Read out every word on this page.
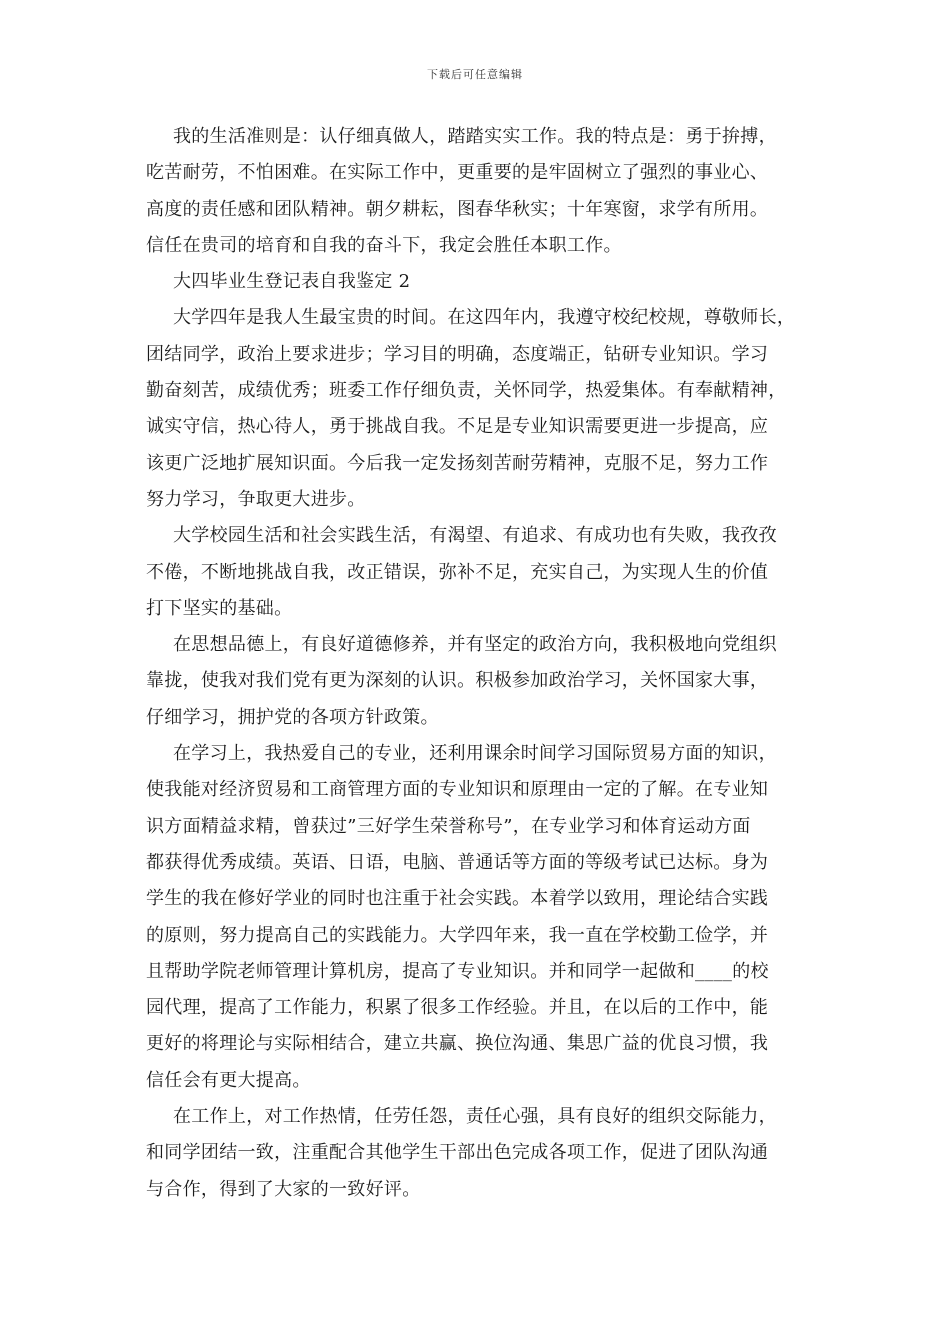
下载后可任意编辑
我的生活准则是：认仔细真做人，踏踏实实工作。我的特点是：勇于拚搏，
吃苦耐劳，不怕困难。在实际工作中，更重要的是牢固树立了强烈的事业心、
高度的责任感和团队精神。朝夕耕耘，图春华秋实；十年寒窗，求学有所用。
信任在贵司的培育和自我的奋斗下，我定会胜任本职工作。
大四毕业生登记表自我鉴定 2
大学四年是我人生最宝贵的时间。在这四年内，我遵守校纪校规，尊敬师长，
团结同学，政治上要求进步；学习目的明确，态度端正，钻研专业知识。学习
勤奋刻苦，成绩优秀；班委工作仔细负责，关怀同学，热爱集体。有奉献精神，
诚实守信，热心待人，勇于挑战自我。不足是专业知识需要更进一步提高，应
该更广泛地扩展知识面。今后我一定发扬刻苦耐劳精神，克服不足，努力工作
努力学习，争取更大进步。
大学校园生活和社会实践生活，有渴望、有追求、有成功也有失败，我孜孜
不倦，不断地挑战自我，改正错误，弥补不足，充实自己，为实现人生的价值
打下坚实的基础。
在思想品德上，有良好道德修养，并有坚定的政治方向，我积极地向党组织
靠拢，使我对我们党有更为深刻的认识。积极参加政治学习，关怀国家大事，
仔细学习，拥护党的各项方针政策。
在学习上，我热爱自己的专业，还利用课余时间学习国际贸易方面的知识，
使我能对经济贸易和工商管理方面的专业知识和原理由一定的了解。在专业知
识方面精益求精，曾获过”三好学生荣誉称号”，在专业学习和体育运动方面
都获得优秀成绩。英语、日语，电脑、普通话等方面的等级考试已达标。身为
学生的我在修好学业的同时也注重于社会实践。本着学以致用，理论结合实践
的原则，努力提高自己的实践能力。大学四年来，我一直在学校勤工俭学，并
且帮助学院老师管理计算机房，提高了专业知识。并和同学一起做和____的校
园代理，提高了工作能力，积累了很多工作经验。并且，在以后的工作中，能
更好的将理论与实际相结合，建立共赢、换位沟通、集思广益的优良习惯，我
信任会有更大提高。
在工作上，对工作热情，任劳任怨，责任心强，具有良好的组织交际能力，
和同学团结一致，注重配合其他学生干部出色完成各项工作，促进了团队沟通
与合作，得到了大家的一致好评。
